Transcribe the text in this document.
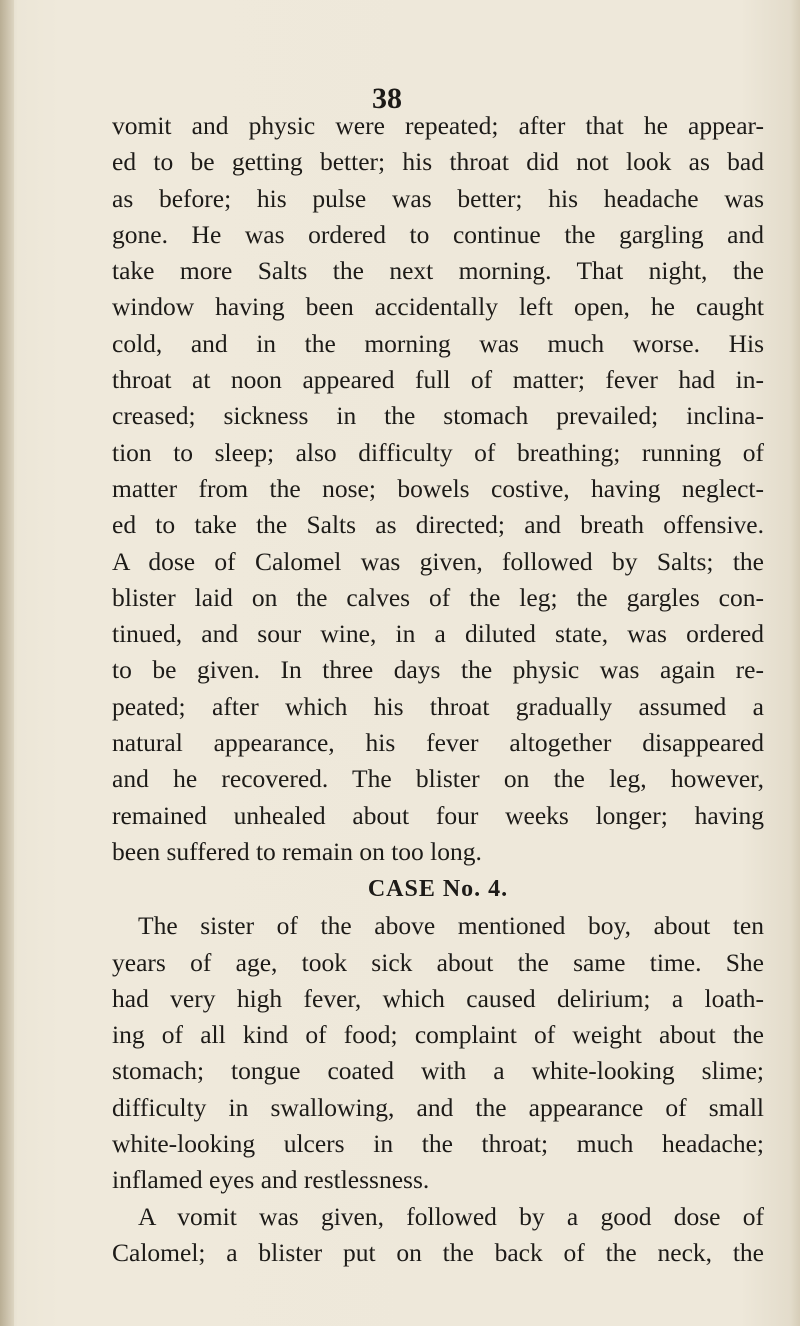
38
vomit and physic were repeated; after that he appear-
ed to be getting better; his throat did not look as bad
as before; his pulse was better; his headache was
gone. He was ordered to continue the gargling and
take more Salts the next morning. That night, the
window having been accidentally left open, he caught
cold, and in the morning was much worse. His
throat at noon appeared full of matter; fever had in-
creased; sickness in the stomach prevailed; inclina-
tion to sleep; also difficulty of breathing; running of
matter from the nose; bowels costive, having neglect-
ed to take the Salts as directed; and breath offensive.
A dose of Calomel was given, followed by Salts; the
blister laid on the calves of the leg; the gargles con-
tinued, and sour wine, in a diluted state, was ordered
to be given. In three days the physic was again re-
peated; after which his throat gradually assumed a
natural appearance, his fever altogether disappeared
and he recovered. The blister on the leg, however,
remained unhealed about four weeks longer; having
been suffered to remain on too long.
CASE No. 4.
The sister of the above mentioned boy, about ten
years of age, took sick about the same time. She
had very high fever, which caused delirium; a loath-
ing of all kind of food; complaint of weight about the
stomach; tongue coated with a white-looking slime;
difficulty in swallowing, and the appearance of small
white-looking ulcers in the throat; much headache;
inflamed eyes and restlessness.
A vomit was given, followed by a good dose of
Calomel; a blister put on the back of the neck, the
